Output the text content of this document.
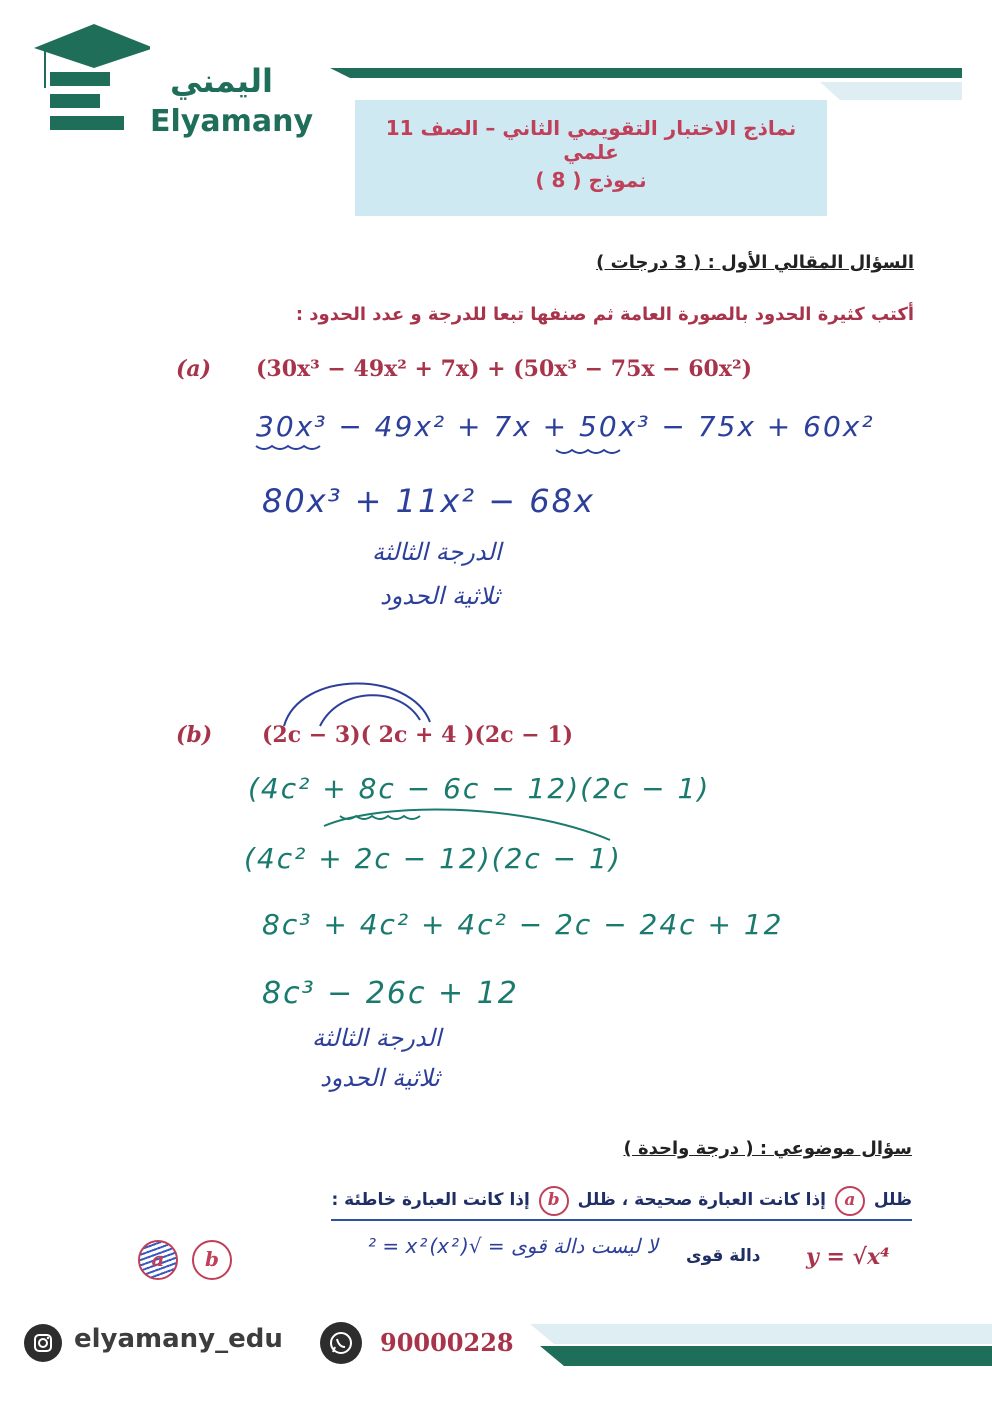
اليمني
Elyamany	نماذج الاختبار التقويمي الثاني – الصف 11 علمي
نموذج ( 8 )
السؤال المقالي الأول : ( 3 درجات )
أكتب كثيرة الحدود بالصورة العامة ثم صنفها تبعا للدرجة و عدد الحدود :
(a) (30x³ − 49x² + 7x) + (50x³ − 75x − 60x²)
30x³ − 49x² + 7x + 50x³ − 75x + 60x²
80x³ + 11x² − 68x
الدرجة الثالثة
ثلاثية الحدود
(b) (2c − 3)( 2c + 4 )(2c − 1)
(4c² + 8c − 6c − 12)(2c − 1)
(4c² + 2c − 12)(2c − 1)
8c³ + 4c² + 4c² − 2c − 24c + 12
8c³ − 26c + 12
الدرجة الثالثة
ثلاثية الحدود
سؤال موضوعي : ( درجة واحدة )
ظلل a إذا كانت العبارة صحيحة ، ظلل b إذا كانت العبارة خاطئة :
a	b
لا ليست دالة قوى = √(x²)² = x² دالة قوى y = √x⁴
elyamany_edu	90000228
